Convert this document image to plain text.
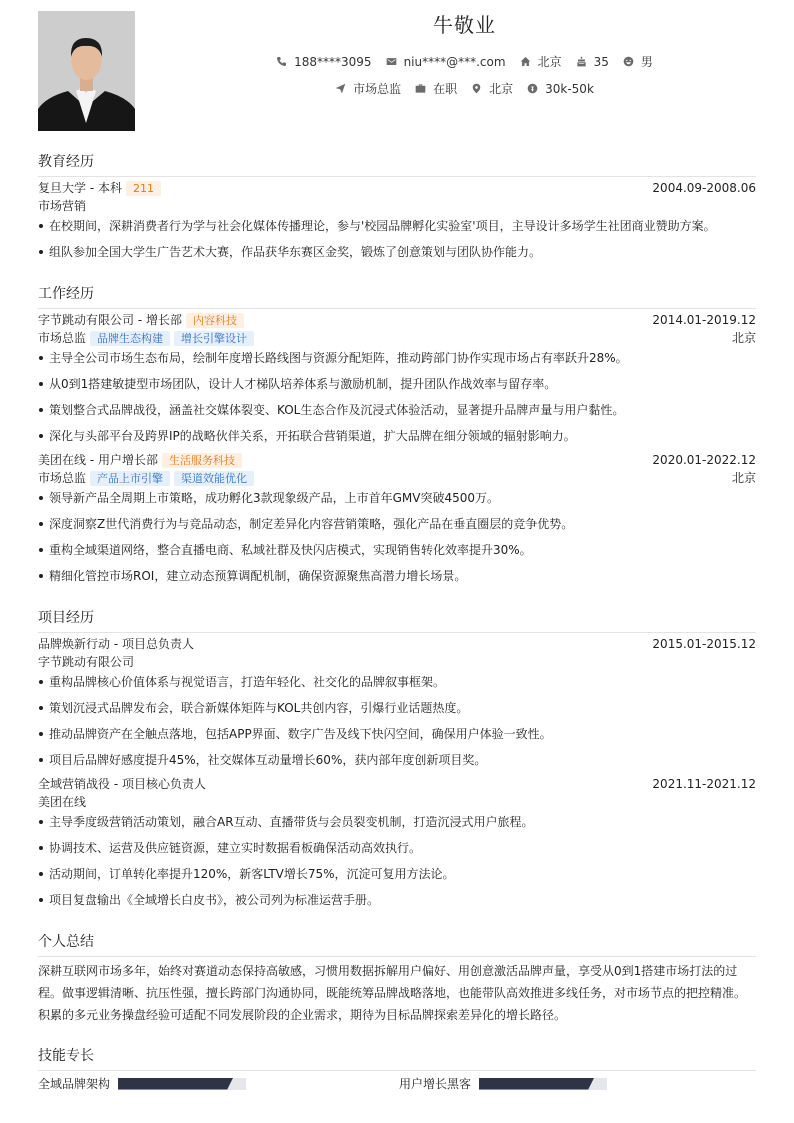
牛敬业
188****3095	niu****@***.com	北京	35	男
市场总监	在职	北京	30k-50k
教育经历
复旦大学 - 本科	211	2004.09-2008.06
市场营销
在校期间，深耕消费者行为学与社会化媒体传播理论，参与'校园品牌孵化实验室'项目，主导设计多场学生社团商业赞助方案。
组队参加全国大学生广告艺术大赛，作品获华东赛区金奖，锻炼了创意策划与团队协作能力。
工作经历
字节跳动有限公司 - 增长部	内容科技	2014.01-2019.12
市场总监	品牌生态构建	增长引擎设计	北京
主导全公司市场生态布局，绘制年度增长路线图与资源分配矩阵，推动跨部门协作实现市场占有率跃升28%。
从0到1搭建敏捷型市场团队，设计人才梯队培养体系与激励机制，提升团队作战效率与留存率。
策划整合式品牌战役，涵盖社交媒体裂变、KOL生态合作及沉浸式体验活动，显著提升品牌声量与用户黏性。
深化与头部平台及跨界IP的战略伙伴关系，开拓联合营销渠道，扩大品牌在细分领域的辐射影响力。
美团在线 - 用户增长部	生活服务科技	2020.01-2022.12
市场总监	产品上市引擎	渠道效能优化	北京
领导新产品全周期上市策略，成功孵化3款现象级产品，上市首年GMV突破4500万。
深度洞察Z世代消费行为与竞品动态，制定差异化内容营销策略，强化产品在垂直圈层的竞争优势。
重构全域渠道网络，整合直播电商、私域社群及快闪店模式，实现销售转化效率提升30%。
精细化管控市场ROI，建立动态预算调配机制，确保资源聚焦高潜力增长场景。
项目经历
品牌焕新行动 - 项目总负责人	2015.01-2015.12
字节跳动有限公司
重构品牌核心价值体系与视觉语言，打造年轻化、社交化的品牌叙事框架。
策划沉浸式品牌发布会，联合新媒体矩阵与KOL共创内容，引爆行业话题热度。
推动品牌资产在全触点落地，包括APP界面、数字广告及线下快闪空间，确保用户体验一致性。
项目后品牌好感度提升45%，社交媒体互动量增长60%，获内部年度创新项目奖。
全域营销战役 - 项目核心负责人	2021.11-2021.12
美团在线
主导季度级营销活动策划，融合AR互动、直播带货与会员裂变机制，打造沉浸式用户旅程。
协调技术、运营及供应链资源，建立实时数据看板确保活动高效执行。
活动期间，订单转化率提升120%，新客LTV增长75%，沉淀可复用方法论。
项目复盘输出《全域增长白皮书》，被公司列为标准运营手册。
个人总结
深耕互联网市场多年，始终对赛道动态保持高敏感，习惯用数据拆解用户偏好、用创意激活品牌声量，享受从0到1搭建市场打法的过程。做事逻辑清晰、抗压性强，擅长跨部门沟通协同，既能统筹品牌战略落地，也能带队高效推进多线任务，对市场节点的把控精准。积累的多元业务操盘经验可适配不同发展阶段的企业需求，期待为目标品牌探索差异化的增长路径。
技能专长
全域品牌架构	用户增长黑客
